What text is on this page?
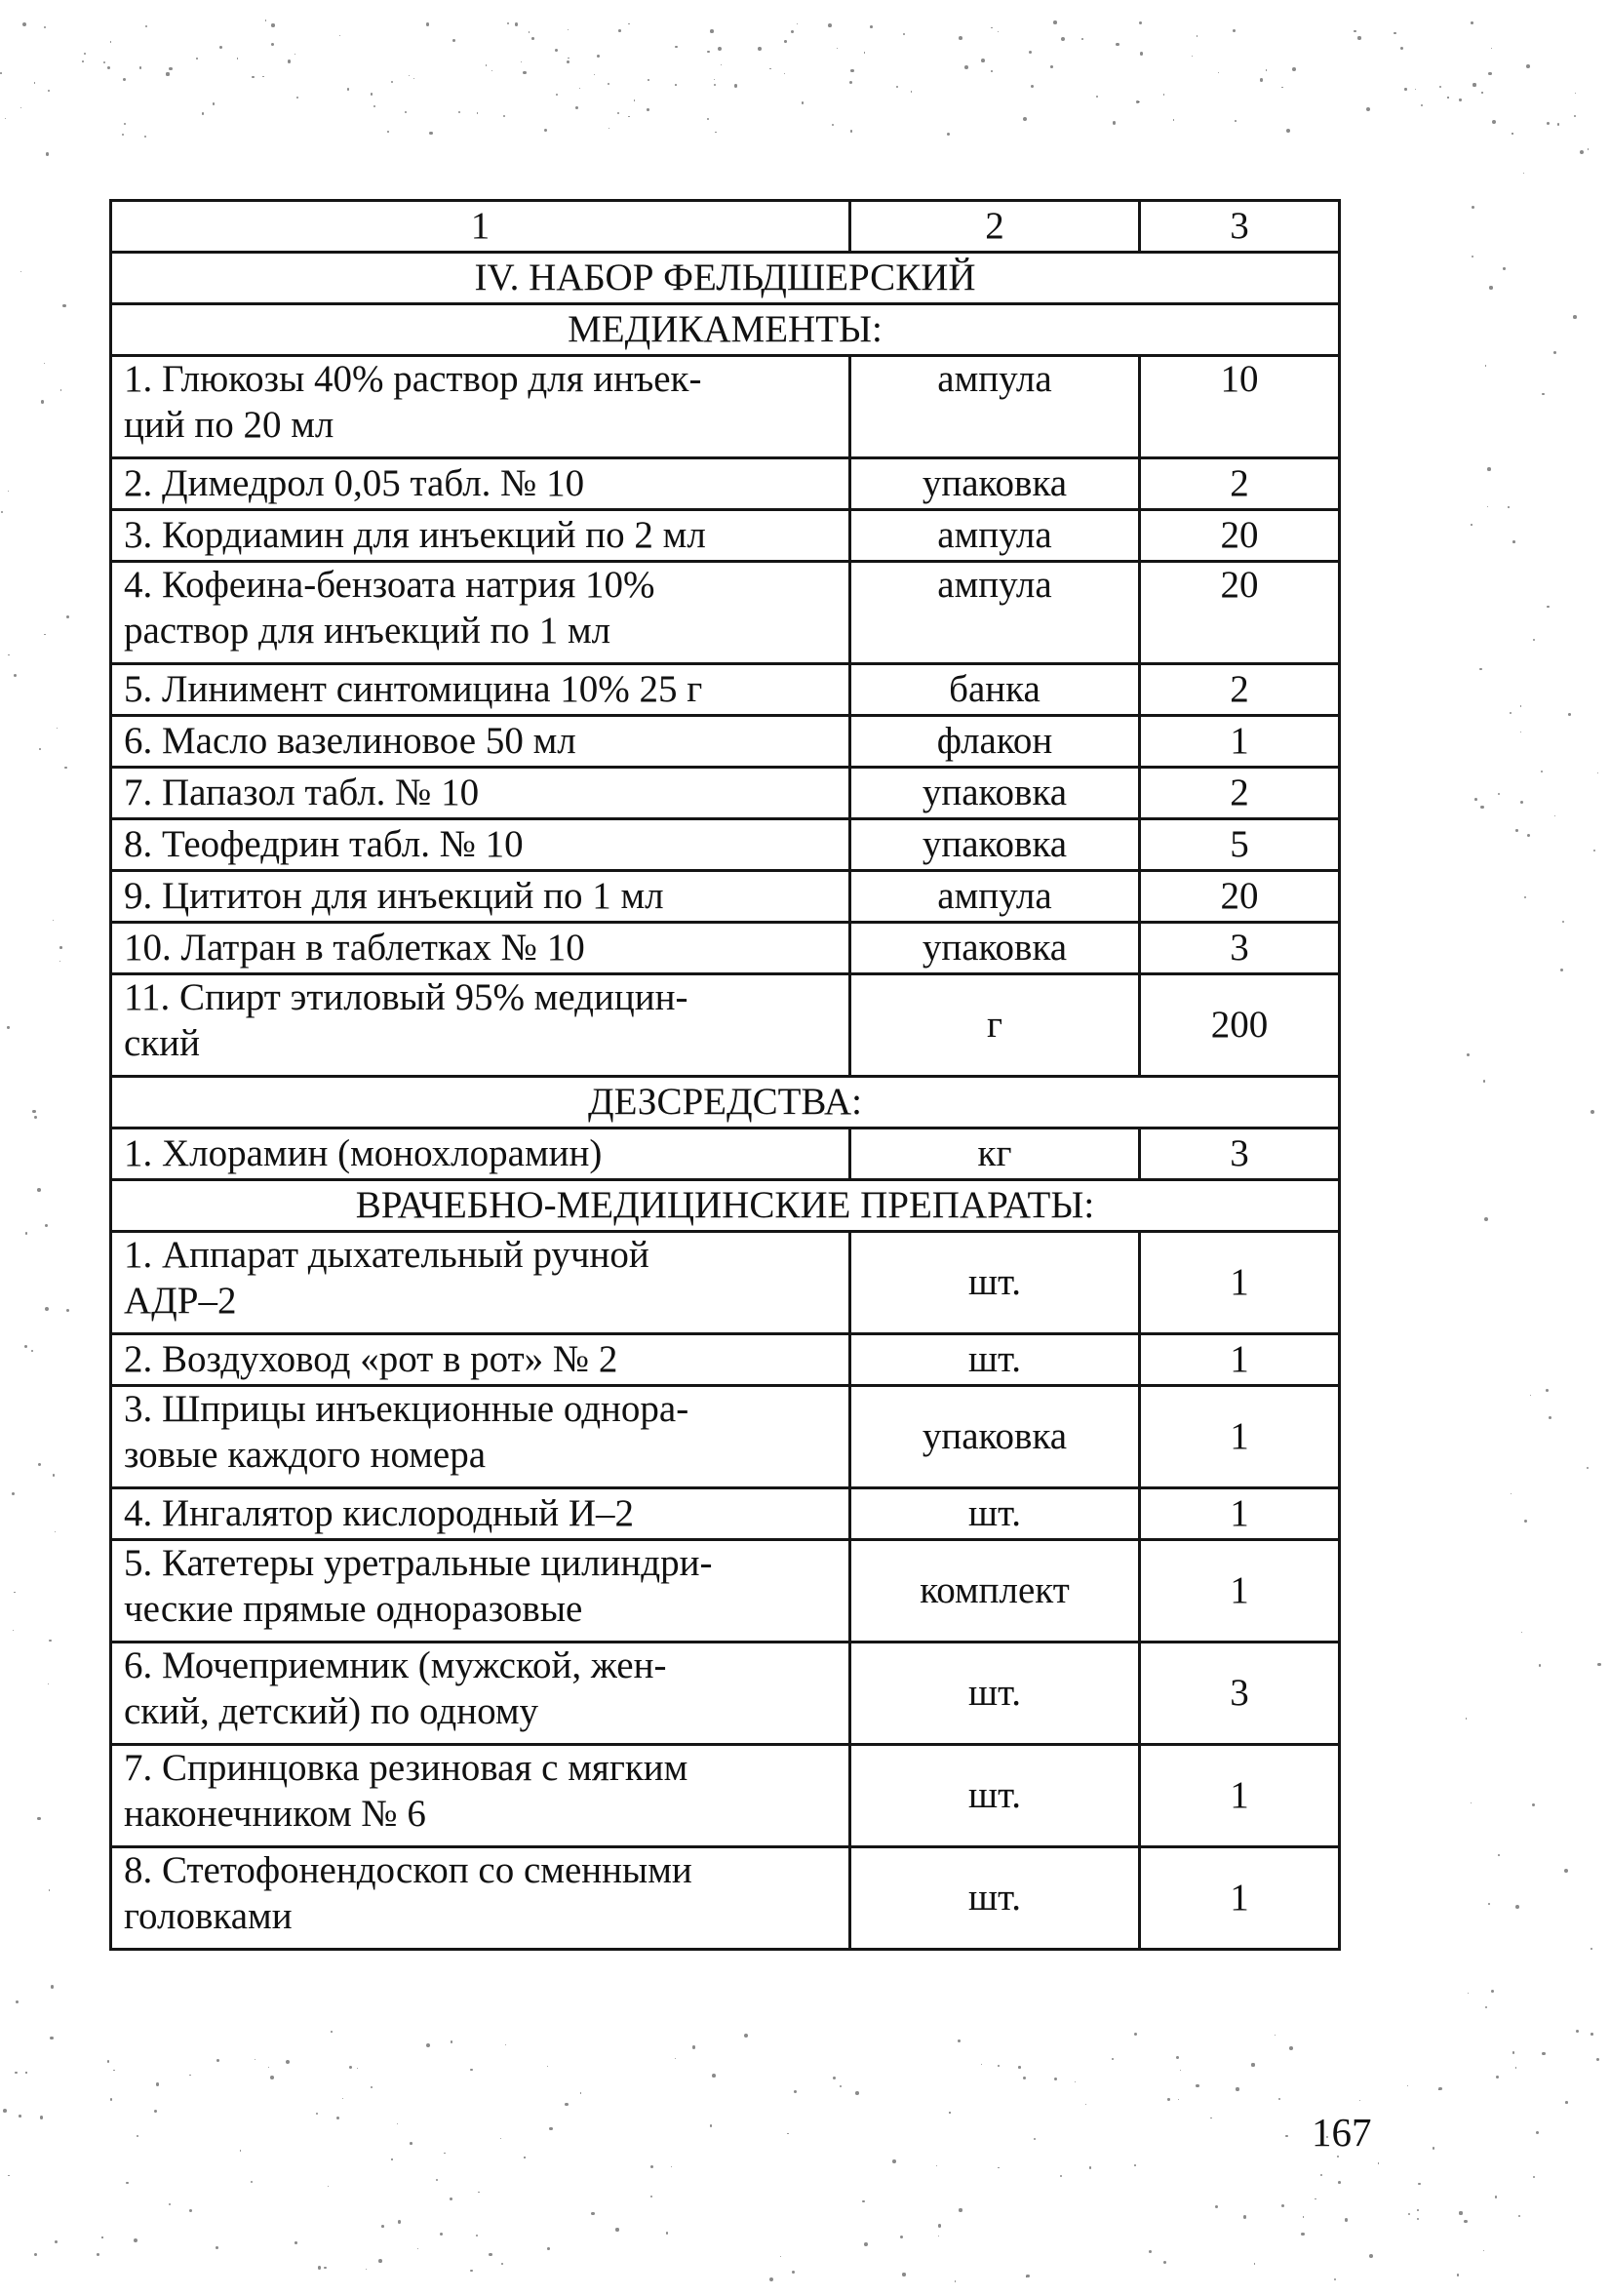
1	2	3
IV. НАБОР ФЕЛЬДШЕРСКИЙ		
МЕДИКАМЕНТЫ:		
1. Глюкозы 40% раствор для инъек-
ций по 20 мл	ампула	10
2. Димедрол 0,05 табл. № 10	упаковка	2
3. Кордиамин для инъекций по 2 мл	ампула	20
4. Кофеина-бензоата натрия 10%
раствор для инъекций по 1 мл	ампула	20
5. Линимент синтомицина 10% 25 г	банка	2
6. Масло вазелиновое 50 мл	флакон	1
7. Папазол табл. № 10	упаковка	2
8. Теофедрин табл. № 10	упаковка	5
9. Цититон для инъекций по 1 мл	ампула	20
10. Латран в таблетках № 10	упаковка	3
11. Спирт этиловый 95% медицин-
ский	г	200
ДЕЗСРЕДСТВА:		
1. Хлорамин (монохлорамин)	кг	3
ВРАЧЕБНО-МЕДИЦИНСКИЕ ПРЕПАРАТЫ:		
1. Аппарат дыхательный ручной
АДР–2	шт.	1
2. Воздуховод «рот в рот» № 2	шт.	1
3. Шприцы инъекционные однора-
зовые каждого номера	упаковка	1
4. Ингалятор кислородный И–2	шт.	1
5. Катетеры уретральные цилиндри-
ческие прямые одноразовые	комплект	1
6. Мочеприемник (мужской, жен-
ский, детский) по одному	шт.	3
7. Спринцовка резиновая с мягким
наконечником № 6	шт.	1
8. Стетофонендоскоп со сменными
головками	шт.	1
167
